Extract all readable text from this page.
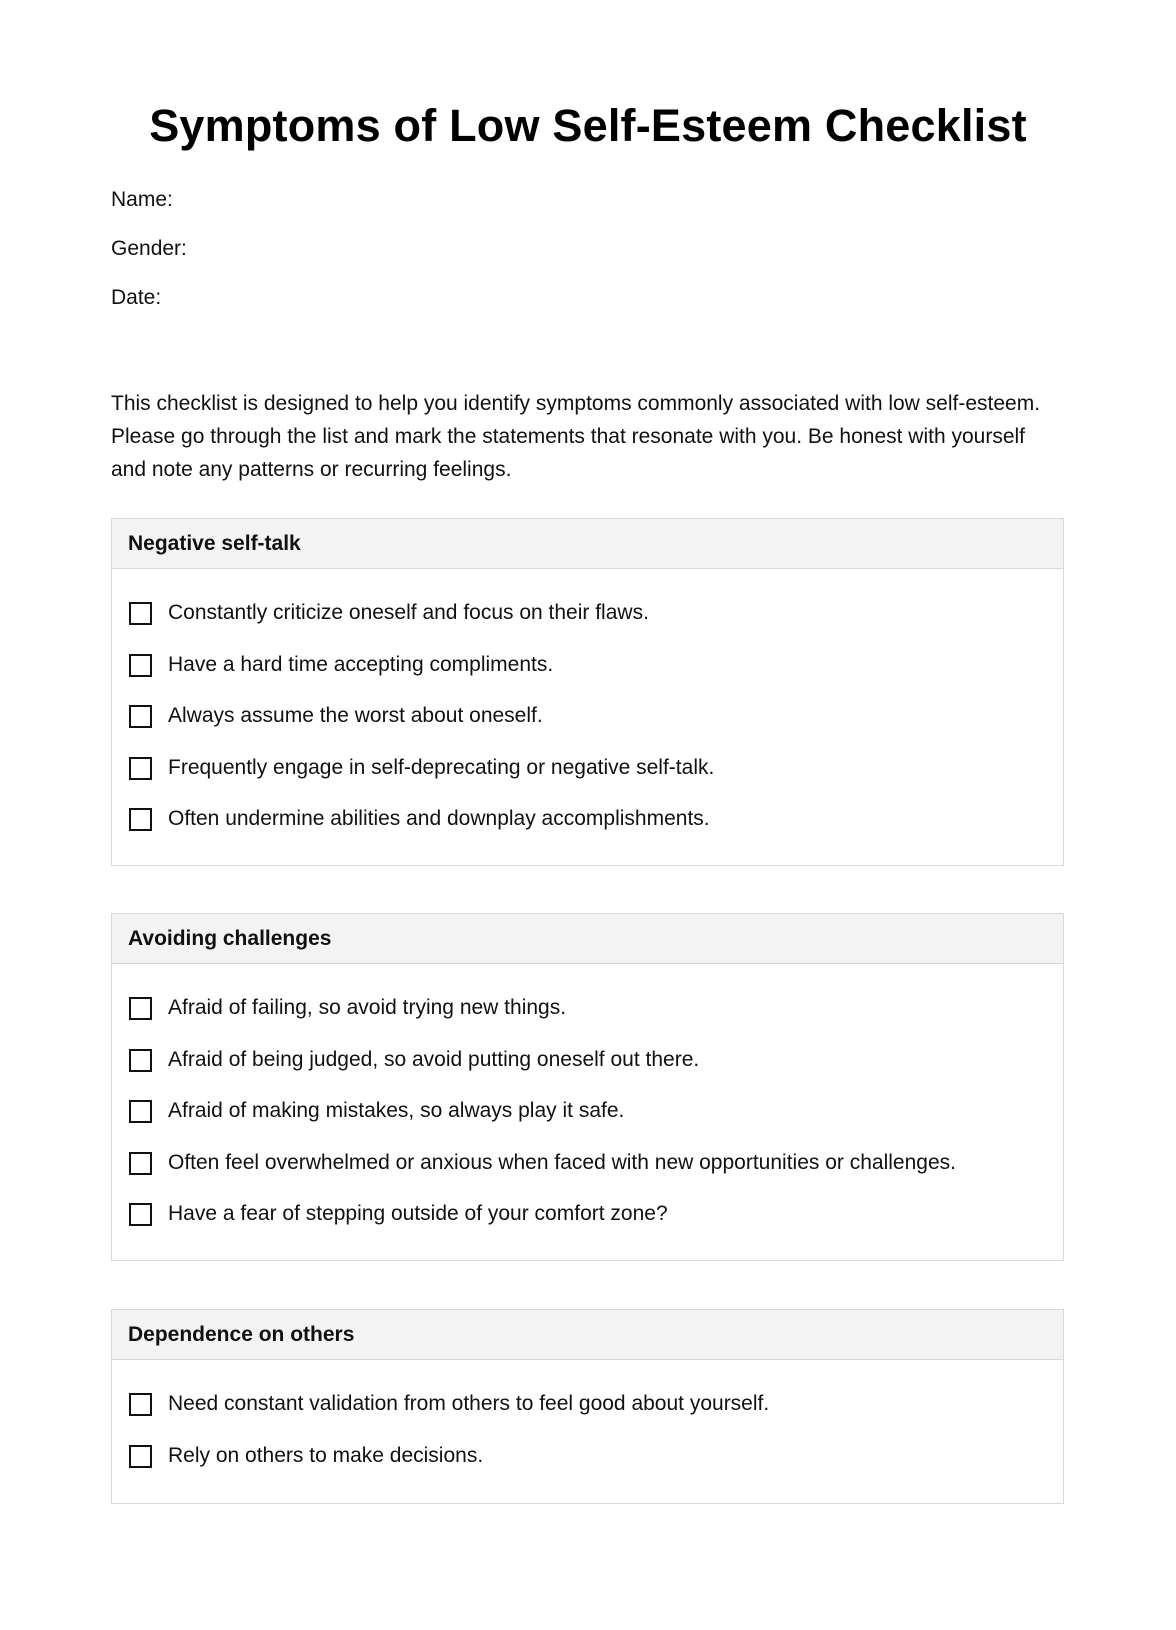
Symptoms of Low Self-Esteem Checklist
Name:
Gender:
Date:
This checklist is designed to help you identify symptoms commonly associated with low self-esteem. Please go through the list and mark the statements that resonate with you. Be honest with yourself and note any patterns or recurring feelings.
Negative self-talk
Constantly criticize oneself and focus on their flaws.
Have a hard time accepting compliments.
Always assume the worst about oneself.
Frequently engage in self-deprecating or negative self-talk.
Often undermine abilities and downplay accomplishments.
Avoiding challenges
Afraid of failing, so avoid trying new things.
Afraid of being judged, so avoid putting oneself out there.
Afraid of making mistakes, so always play it safe.
Often feel overwhelmed or anxious when faced with new opportunities or challenges.
Have a fear of stepping outside of your comfort zone?
Dependence on others
Need constant validation from others to feel good about yourself.
Rely on others to make decisions.
